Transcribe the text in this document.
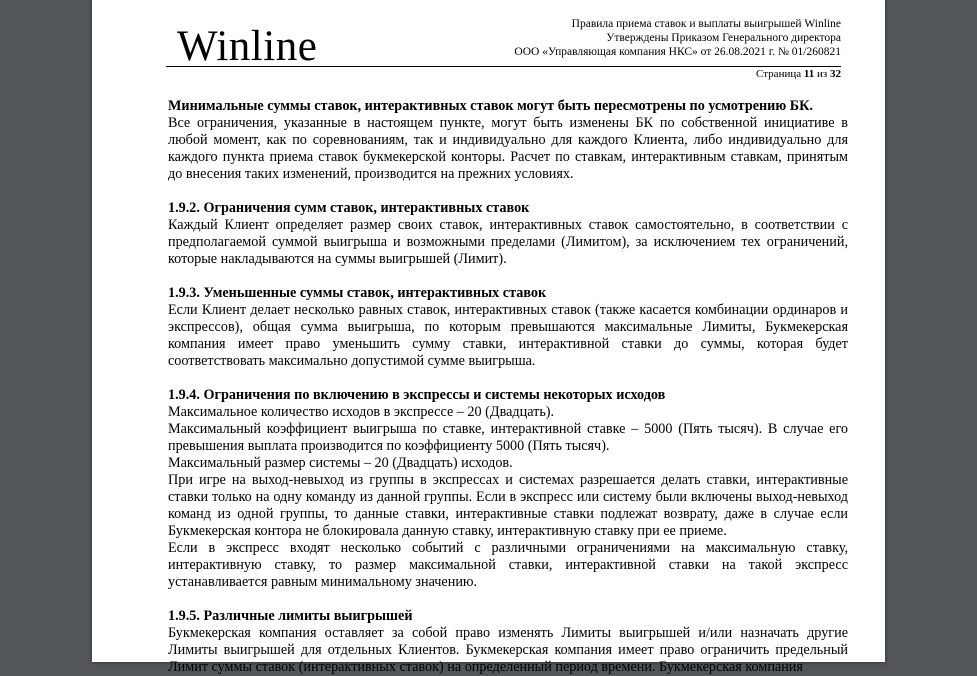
Winline	Правила приема ставок и выплаты выигрышей Winline
Утверждены Приказом Генерального директора
ООО «Управляющая компания НКС» от 26.08.2021 г. № 01/260821
Страница 11 из 32

Минимальные суммы ставок, интерактивных ставок могут быть пересмотрены по усмотрению БК.

Все ограничения, указанные в настоящем пункте, могут быть изменены БК по собственной инициативе в любой момент, как по соревнованиям, так и индивидуально для каждого Клиента, либо индивидуально для каждого пункта приема ставок букмекерской конторы. Расчет по ставкам, интерактивным ставкам, принятым до внесения таких изменений, производится на прежних условиях.

1.9.2. Ограничения сумм ставок, интерактивных ставок

Каждый Клиент определяет размер своих ставок, интерактивных ставок самостоятельно, в соответствии с предполагаемой суммой выигрыша и возможными пределами (Лимитом), за исключением тех ограничений, которые накладываются на суммы выигрышей (Лимит).

1.9.3. Уменьшенные суммы ставок, интерактивных ставок

Если Клиент делает несколько равных ставок, интерактивных ставок (также касается комбинации ординаров и экспрессов), общая сумма выигрыша, по которым превышаются максимальные Лимиты, Букмекерская компания имеет право уменьшить сумму ставки, интерактивной ставки до суммы, которая будет соответствовать максимально допустимой сумме выигрыша.

1.9.4. Ограничения по включению в экспрессы и системы некоторых исходов

Максимальное количество исходов в экспрессе – 20 (Двадцать).

Максимальный коэффициент выигрыша по ставке, интерактивной ставке – 5000 (Пять тысяч). В случае его превышения выплата производится по коэффициенту 5000 (Пять тысяч).

Максимальный размер системы – 20 (Двадцать) исходов.

При игре на выход-невыход из группы в экспрессах и системах разрешается делать ставки, интерактивные ставки только на одну команду из данной группы. Если в экспресс или систему были включены выход-невыход команд из одной группы, то данные ставки, интерактивные ставки подлежат возврату, даже в случае если Букмекерская контора не блокировала данную ставку, интерактивную ставку при ее приеме.

Если в экспресс входят несколько событий с различными ограничениями на максимальную ставку, интерактивную ставку, то размер максимальной ставки, интерактивной ставки на такой экспресс устанавливается равным минимальному значению.

1.9.5. Различные лимиты выигрышей

Букмекерская компания оставляет за собой право изменять Лимиты выигрышей и/или назначать другие Лимиты выигрышей для отдельных Клиентов. Букмекерская компания имеет право ограничить предельный Лимит суммы ставок (интерактивных ставок) на определенный период времени. Букмекерская компания
